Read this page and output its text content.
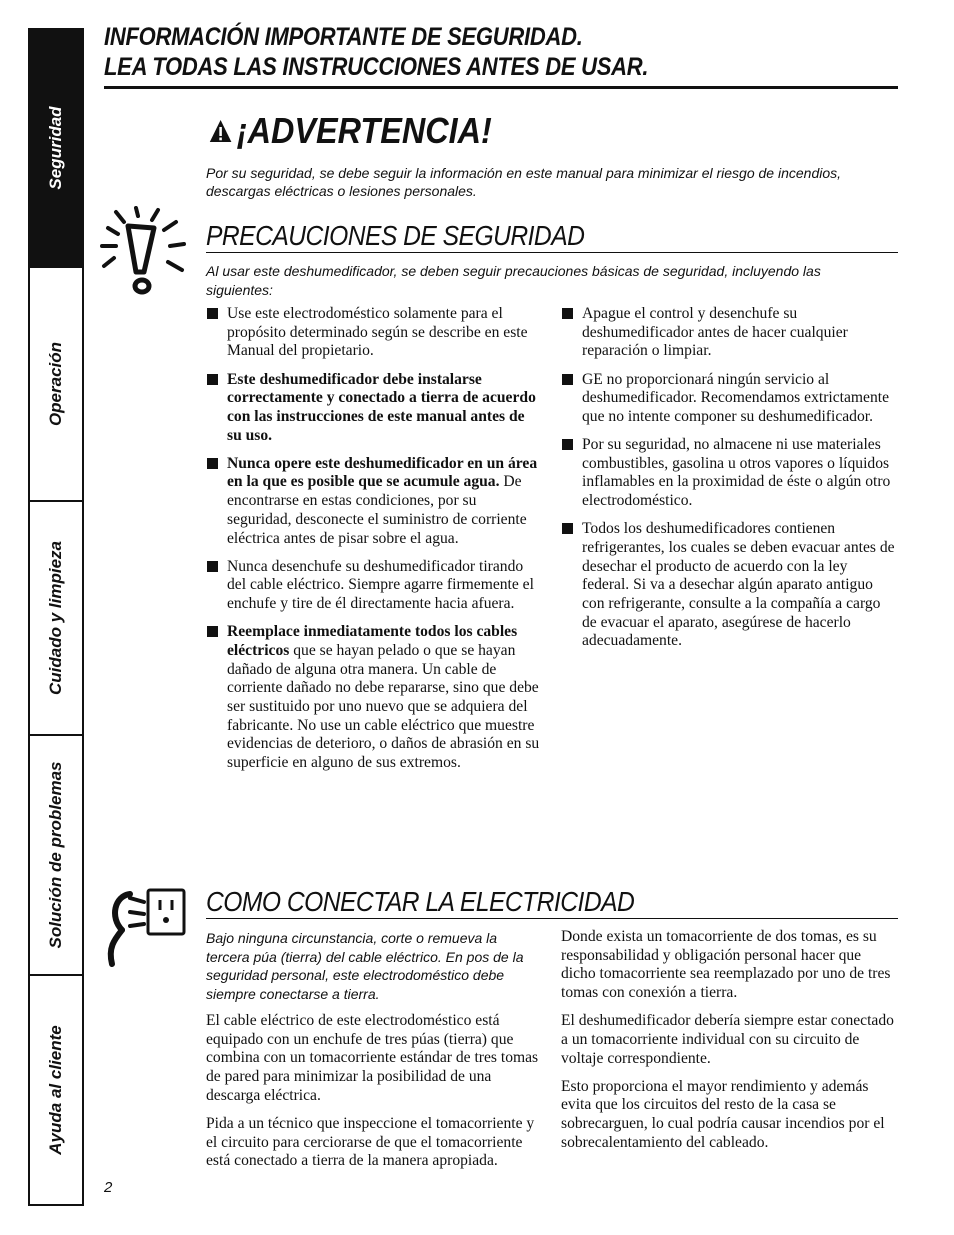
Seguridad
Operación
Cuidado y limpieza
Solución de problemas
Ayuda al cliente
INFORMACIÓN IMPORTANTE DE SEGURIDAD.
LEA TODAS LAS INSTRUCCIONES ANTES DE USAR.
¡ADVERTENCIA!
Por su seguridad, se debe seguir la información en este manual para minimizar el riesgo de incendios, descargas eléctricas o lesiones personales.
PRECAUCIONES DE SEGURIDAD
Al usar este deshumedificador, se deben seguir precauciones básicas de seguridad, incluyendo las siguientes:
Use este electrodoméstico solamente para el propósito determinado según se describe en este Manual del propietario.
Este deshumedificador debe instalarse correctamente y conectado a tierra de acuerdo con las instrucciones de este manual antes de su uso.
Nunca opere este deshumedificador en un área en la que es posible que se acumule agua. De encontrarse en estas condiciones, por su seguridad, desconecte el suministro de corriente eléctrica antes de pisar sobre el agua.
Nunca desenchufe su deshumedificador tirando del cable eléctrico. Siempre agarre firmemente el enchufe y tire de él directamente hacia afuera.
Reemplace inmediatamente todos los cables eléctricos que se hayan pelado o que se hayan dañado de alguna otra manera. Un cable de corriente dañado no debe repararse, sino que debe ser sustituido por uno nuevo que se adquiera del fabricante. No use un cable eléctrico que muestre evidencias de deterioro, o daños de abrasión en su superficie en alguno de sus extremos.
Apague el control y desenchufe su deshumedificador antes de hacer cualquier reparación o limpiar.
GE no proporcionará ningún servicio al deshumedificador. Recomendamos extrictamente que no intente componer su deshumedificador.
Por su seguridad, no almacene ni use materiales combustibles, gasolina u otros vapores o líquidos inflamables en la proximidad de éste o algún otro electrodoméstico.
Todos los deshumedificadores contienen refrigerantes, los cuales se deben evacuar antes de desechar el producto de acuerdo con la ley federal. Si va a desechar algún aparato antiguo con refrigerante, consulte a la compañía a cargo de evacuar el aparato, asegúrese de hacerlo adecuadamente.
COMO CONECTAR LA ELECTRICIDAD
Bajo ninguna circunstancia, corte o remueva la tercera púa (tierra) del cable eléctrico. En pos de la seguridad personal, este electrodoméstico debe siempre conectarse a tierra.

El cable eléctrico de este electrodoméstico está equipado con un enchufe de tres púas (tierra) que combina con un tomacorriente estándar de tres tomas de pared para minimizar la posibilidad de una descarga eléctrica.

Pida a un técnico que inspeccione el tomacorriente y el circuito para cerciorarse de que el tomacorriente está conectado a tierra de la manera apropiada.

Donde exista un tomacorriente de dos tomas, es su responsabilidad y obligación personal hacer que dicho tomacorriente sea reemplazado por uno de tres tomas con conexión a tierra.

El deshumedificador debería siempre estar conectado a un tomacorriente individual con su circuito de voltaje correspondiente.

Esto proporciona el mayor rendimiento y además evita que los circuitos del resto de la casa se sobrecarguen, lo cual podría causar incendios por el sobrecalentamiento del cableado.

2
